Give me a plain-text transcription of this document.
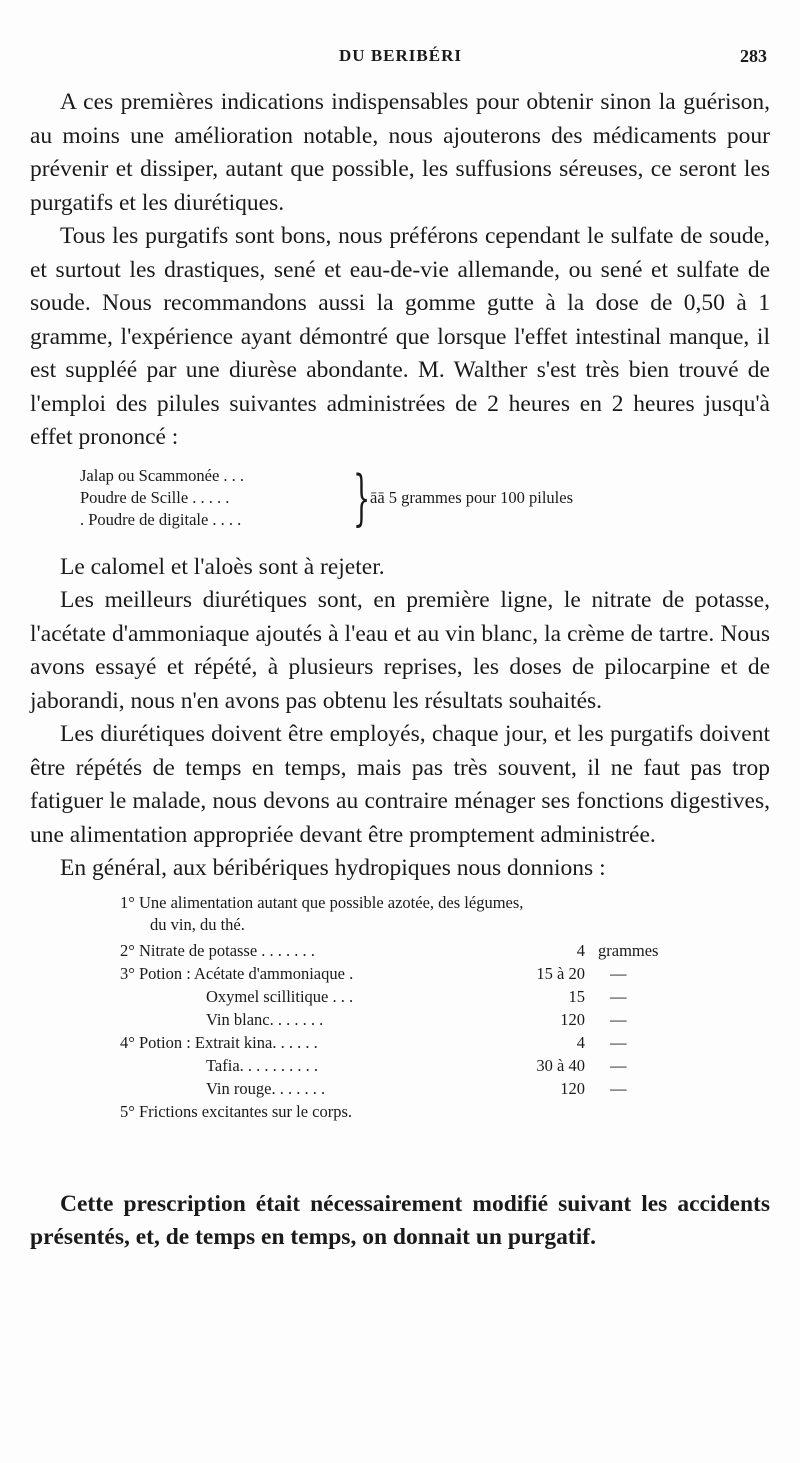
DU BERIBÉRI	283

A ces premières indications indispensables pour obtenir sinon la guérison, au moins une amélioration notable, nous ajouterons des médicaments pour prévenir et dissiper, autant que possible, les suffusions séreuses, ce seront les purgatifs et les diurétiques.

Tous les purgatifs sont bons, nous préférons cependant le sulfate de soude, et surtout les drastiques, sené et eau-de-vie allemande, ou sené et sulfate de soude. Nous recommandons aussi la gomme gutte à la dose de 0,50 à 1 gramme, l'expérience ayant démontré que lorsque l'effet intestinal manque, il est suppléé par une diurèse abondante. M. Walther s'est très bien trouvé de l'emploi des pilules suivantes administrées de 2 heures en 2 heures jusqu'à effet prononcé :

Jalap ou Scammonée . . .
Poudre de Scille . . . . .
. Poudre de digitale . . . . } āā 5 grammes pour 100 pilules

Le calomel et l'aloès sont à rejeter.

Les meilleurs diurétiques sont, en première ligne, le nitrate de potasse, l'acétate d'ammoniaque ajoutés à l'eau et au vin blanc, la crème de tartre. Nous avons essayé et répété, à plusieurs reprises, les doses de pilocarpine et de jaborandi, nous n'en avons pas obtenu les résultats souhaités.

Les diurétiques doivent être employés, chaque jour, et les purgatifs doivent être répétés de temps en temps, mais pas très souvent, il ne faut pas trop fatiguer le malade, nous devons au contraire ménager ses fonctions digestives, une alimentation appropriée devant être promptement administrée.

En général, aux béribériques hydropiques nous donnions :

1° Une alimentation autant que possible azotée, des légumes,
du vin, du thé.
2° Nitrate de potasse . . . . . . .	4 grammes
3° Potion : Acétate d'ammoniaque .	15 à 20 —
Oxymel scillitique . . .	15 —
Vin blanc. . . . . . .	120 —
4° Potion : Extrait kina. . . . . .	4 —
Tafia. . . . . . . . . .	30 à 40 —
Vin rouge. . . . . . .	120 —
5° Frictions excitantes sur le corps.

Cette prescription était nécessairement modifié suivant les accidents présentés, et, de temps en temps, on donnait un purgatif.
